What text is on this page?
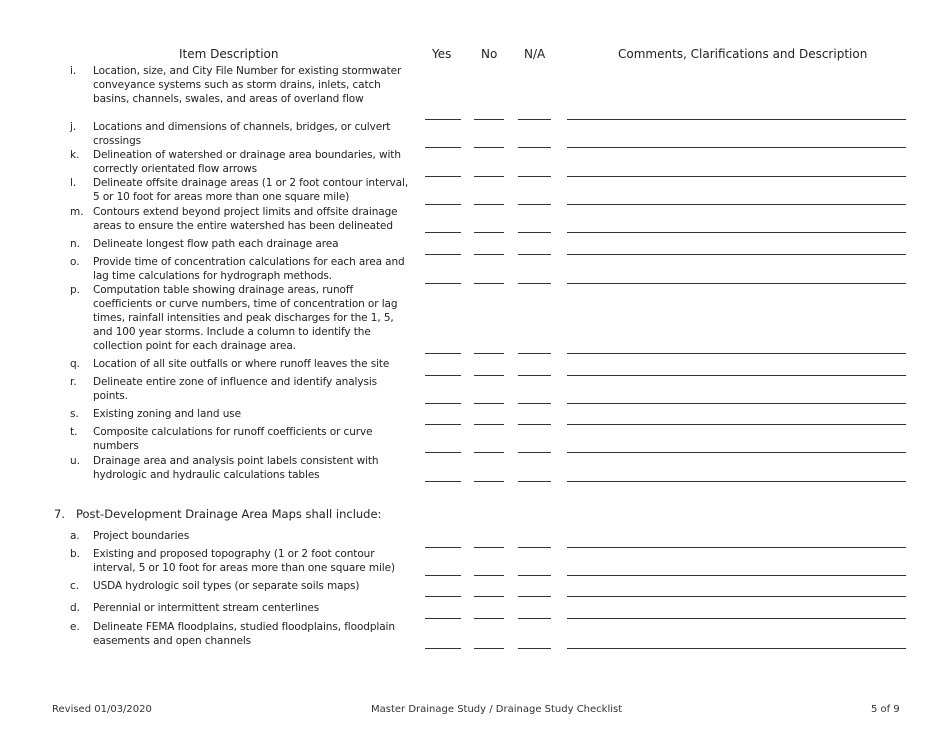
Item Description	Yes No N/A	Comments, Clarifications and Description
i. Location, size, and City File Number for existing stormwater conveyance systems such as storm drains, inlets, catch basins, channels, swales, and areas of overland flow
j. Locations and dimensions of channels, bridges, or culvert crossings
k. Delineation of watershed or drainage area boundaries, with correctly orientated flow arrows
l. Delineate offsite drainage areas (1 or 2 foot contour interval, 5 or 10 foot for areas more than one square mile)
m. Contours extend beyond project limits and offsite drainage areas to ensure the entire watershed has been delineated
n. Delineate longest flow path each drainage area
o. Provide time of concentration calculations for each area and lag time calculations for hydrograph methods.
p. Computation table showing drainage areas, runoff coefficients or curve numbers, time of concentration or lag times, rainfall intensities and peak discharges for the 1, 5, and 100 year storms. Include a column to identify the collection point for each drainage area.
q. Location of all site outfalls or where runoff leaves the site
r. Delineate entire zone of influence and identify analysis points.
s. Existing zoning and land use
t. Composite calculations for runoff coefficients or curve numbers
u. Drainage area and analysis point labels consistent with hydrologic and hydraulic calculations tables
7. Post-Development Drainage Area Maps shall include:
a. Project boundaries
b. Existing and proposed topography (1 or 2 foot contour interval, 5 or 10 foot for areas more than one square mile)
c. USDA hydrologic soil types (or separate soils maps)
d. Perennial or intermittent stream centerlines
e. Delineate FEMA floodplains, studied floodplains, floodplain easements and open channels
Revised 01/03/2020	Master Drainage Study / Drainage Study Checklist	5 of 9
